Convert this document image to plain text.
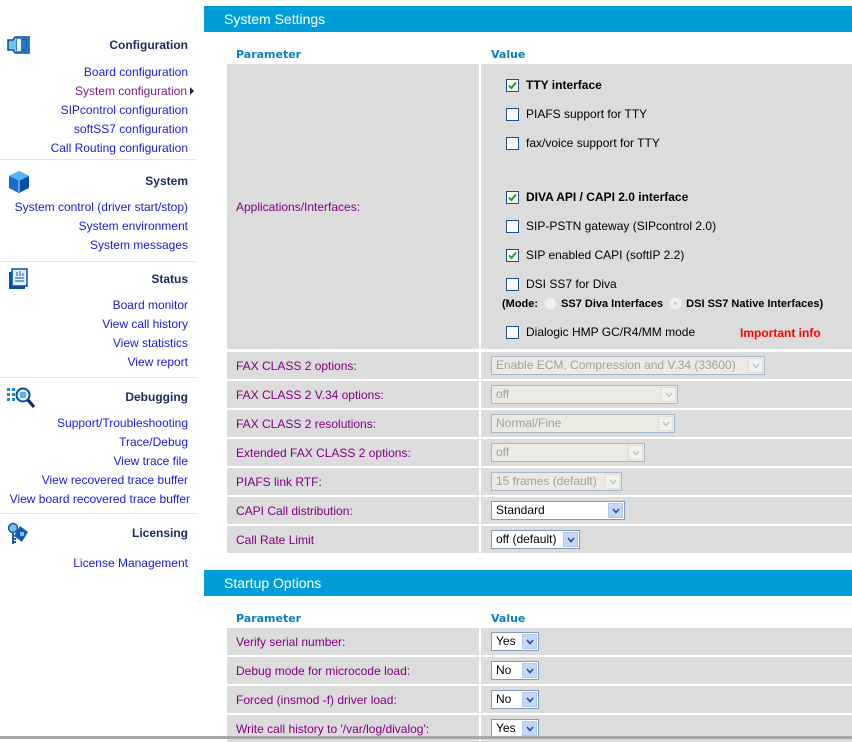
Configuration
Board configuration
System configuration
SIPcontrol configuration
softSS7 configuration
Call Routing configuration
System
System control (driver start/stop)
System environment
System messages
Status
Board monitor
View call history
View statistics
View report
Debugging
Support/Troubleshooting
Trace/Debug
View trace file
View recovered trace buffer
View board recovered trace buffer
Licensing
License Management
System Settings
Parameter	Value
Applications/Interfaces:
TTY interface
PIAFS support for TTY
fax/voice support for TTY
DIVA API / CAPI 2.0 interface
SIP-PSTN gateway (SIPcontrol 2.0)
SIP enabled CAPI (softIP 2.2)
DSI SS7 for Diva
(Mode: SS7 Diva Interfaces DSI SS7 Native Interfaces)
Dialogic HMP GC/R4/MM mode	Important info
FAX CLASS 2 options:	Enable ECM, Compression and V.34 (33600)
FAX CLASS 2 V.34 options:	off
FAX CLASS 2 resolutions:	Normal/Fine
Extended FAX CLASS 2 options:	off
PIAFS link RTF:	15 frames (default)
CAPI Call distribution:	Standard
Call Rate Limit	off (default)
Startup Options
Parameter	Value
Verify serial number:	Yes
Debug mode for microcode load:	No
Forced (insmod -f) driver load:	No
Write call history to '/var/log/divalog':	Yes
